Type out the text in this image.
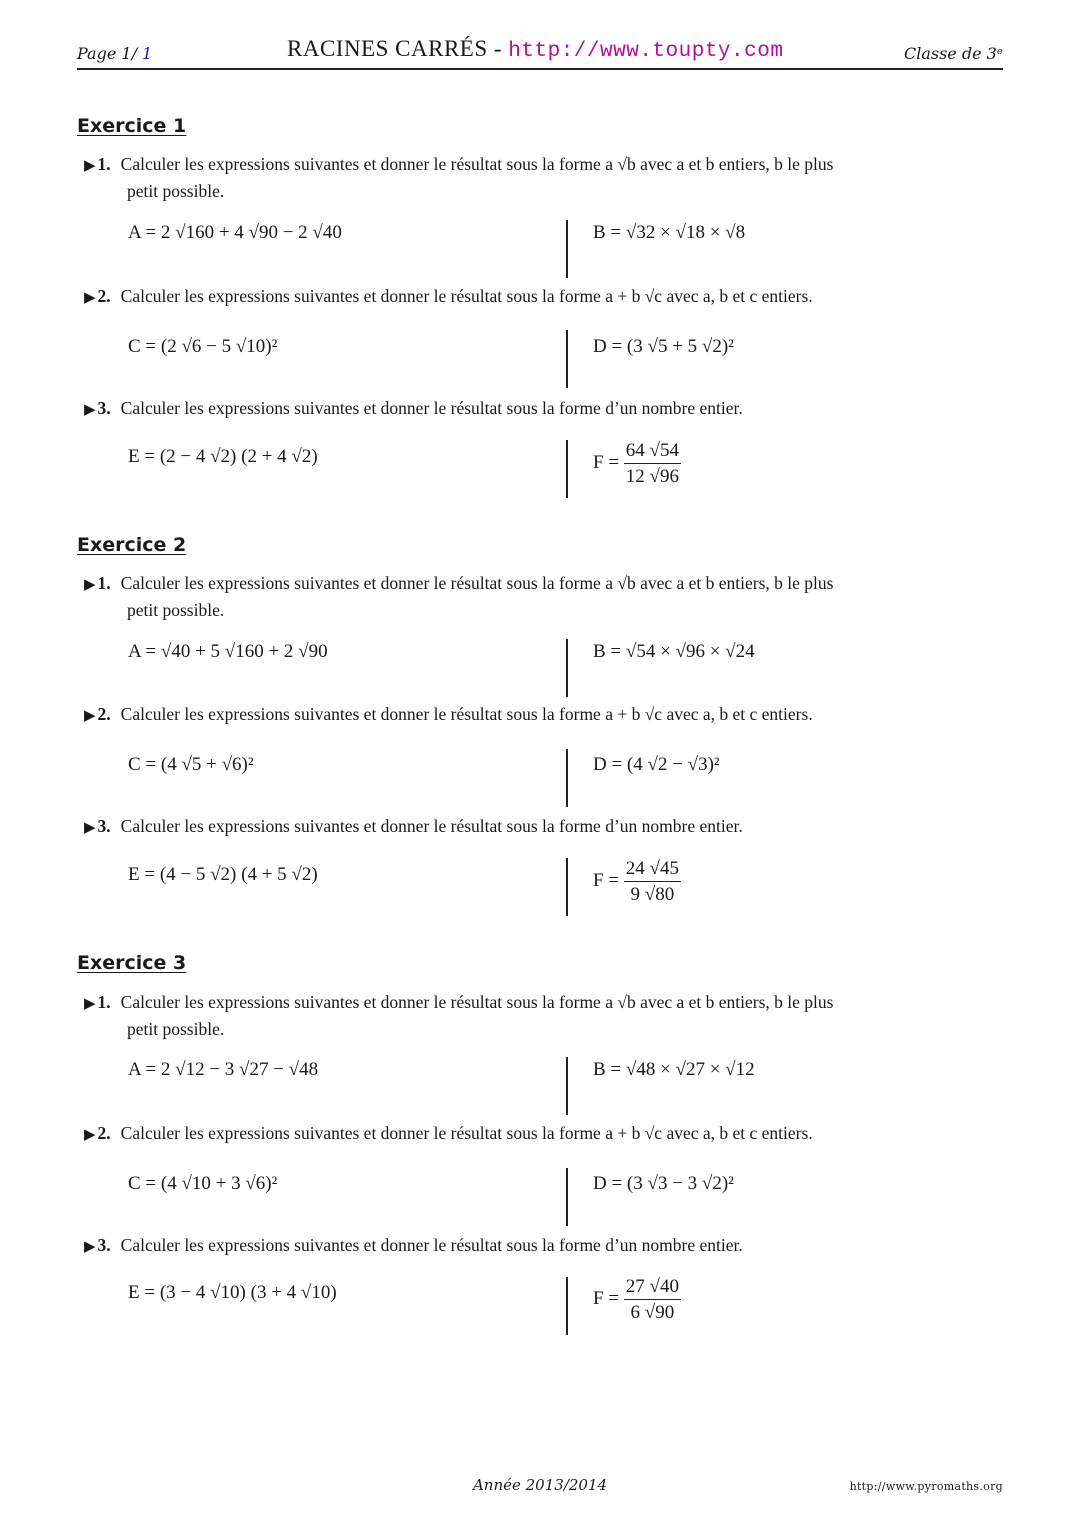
Page 1/ 1	RACINES CARRÉS - http://www.toupty.com	Classe de 3ᵉ
Exercice 1
▶ 1. Calculer les expressions suivantes et donner le résultat sous la forme a √b avec a et b entiers, b le plus
petit possible.
A = 2 √160 + 4 √90 − 2 √40	B = √32 × √18 × √8
▶ 2. Calculer les expressions suivantes et donner le résultat sous la forme a + b √c avec a, b et c entiers.
C = (2 √6 − 5 √10)²	D = (3 √5 + 5 √2)²
▶ 3. Calculer les expressions suivantes et donner le résultat sous la forme d’un nombre entier.
E = (2 − 4 √2) (2 + 4 √2)	$F = \frac{64 √54}{12 √96}$
Exercice 2
▶ 1. Calculer les expressions suivantes et donner le résultat sous la forme a √b avec a et b entiers, b le plus
petit possible.
A = √40 + 5 √160 + 2 √90	B = √54 × √96 × √24
▶ 2. Calculer les expressions suivantes et donner le résultat sous la forme a + b √c avec a, b et c entiers.
C = (4 √5 + √6)²	D = (4 √2 − √3)²
▶ 3. Calculer les expressions suivantes et donner le résultat sous la forme d’un nombre entier.
E = (4 − 5 √2) (4 + 5 √2)	$F = \frac{24 √45}{9 √80}$
Exercice 3
▶ 1. Calculer les expressions suivantes et donner le résultat sous la forme a √b avec a et b entiers, b le plus
petit possible.
A = 2 √12 − 3 √27 − √48	B = √48 × √27 × √12
▶ 2. Calculer les expressions suivantes et donner le résultat sous la forme a + b √c avec a, b et c entiers.
C = (4 √10 + 3 √6)²	D = (3 √3 − 3 √2)²
▶ 3. Calculer les expressions suivantes et donner le résultat sous la forme d’un nombre entier.
E = (3 − 4 √10) (3 + 4 √10)	$F = \frac{27 √40}{6 √90}$
Année 2013/2014	http://www.pyromaths.org
